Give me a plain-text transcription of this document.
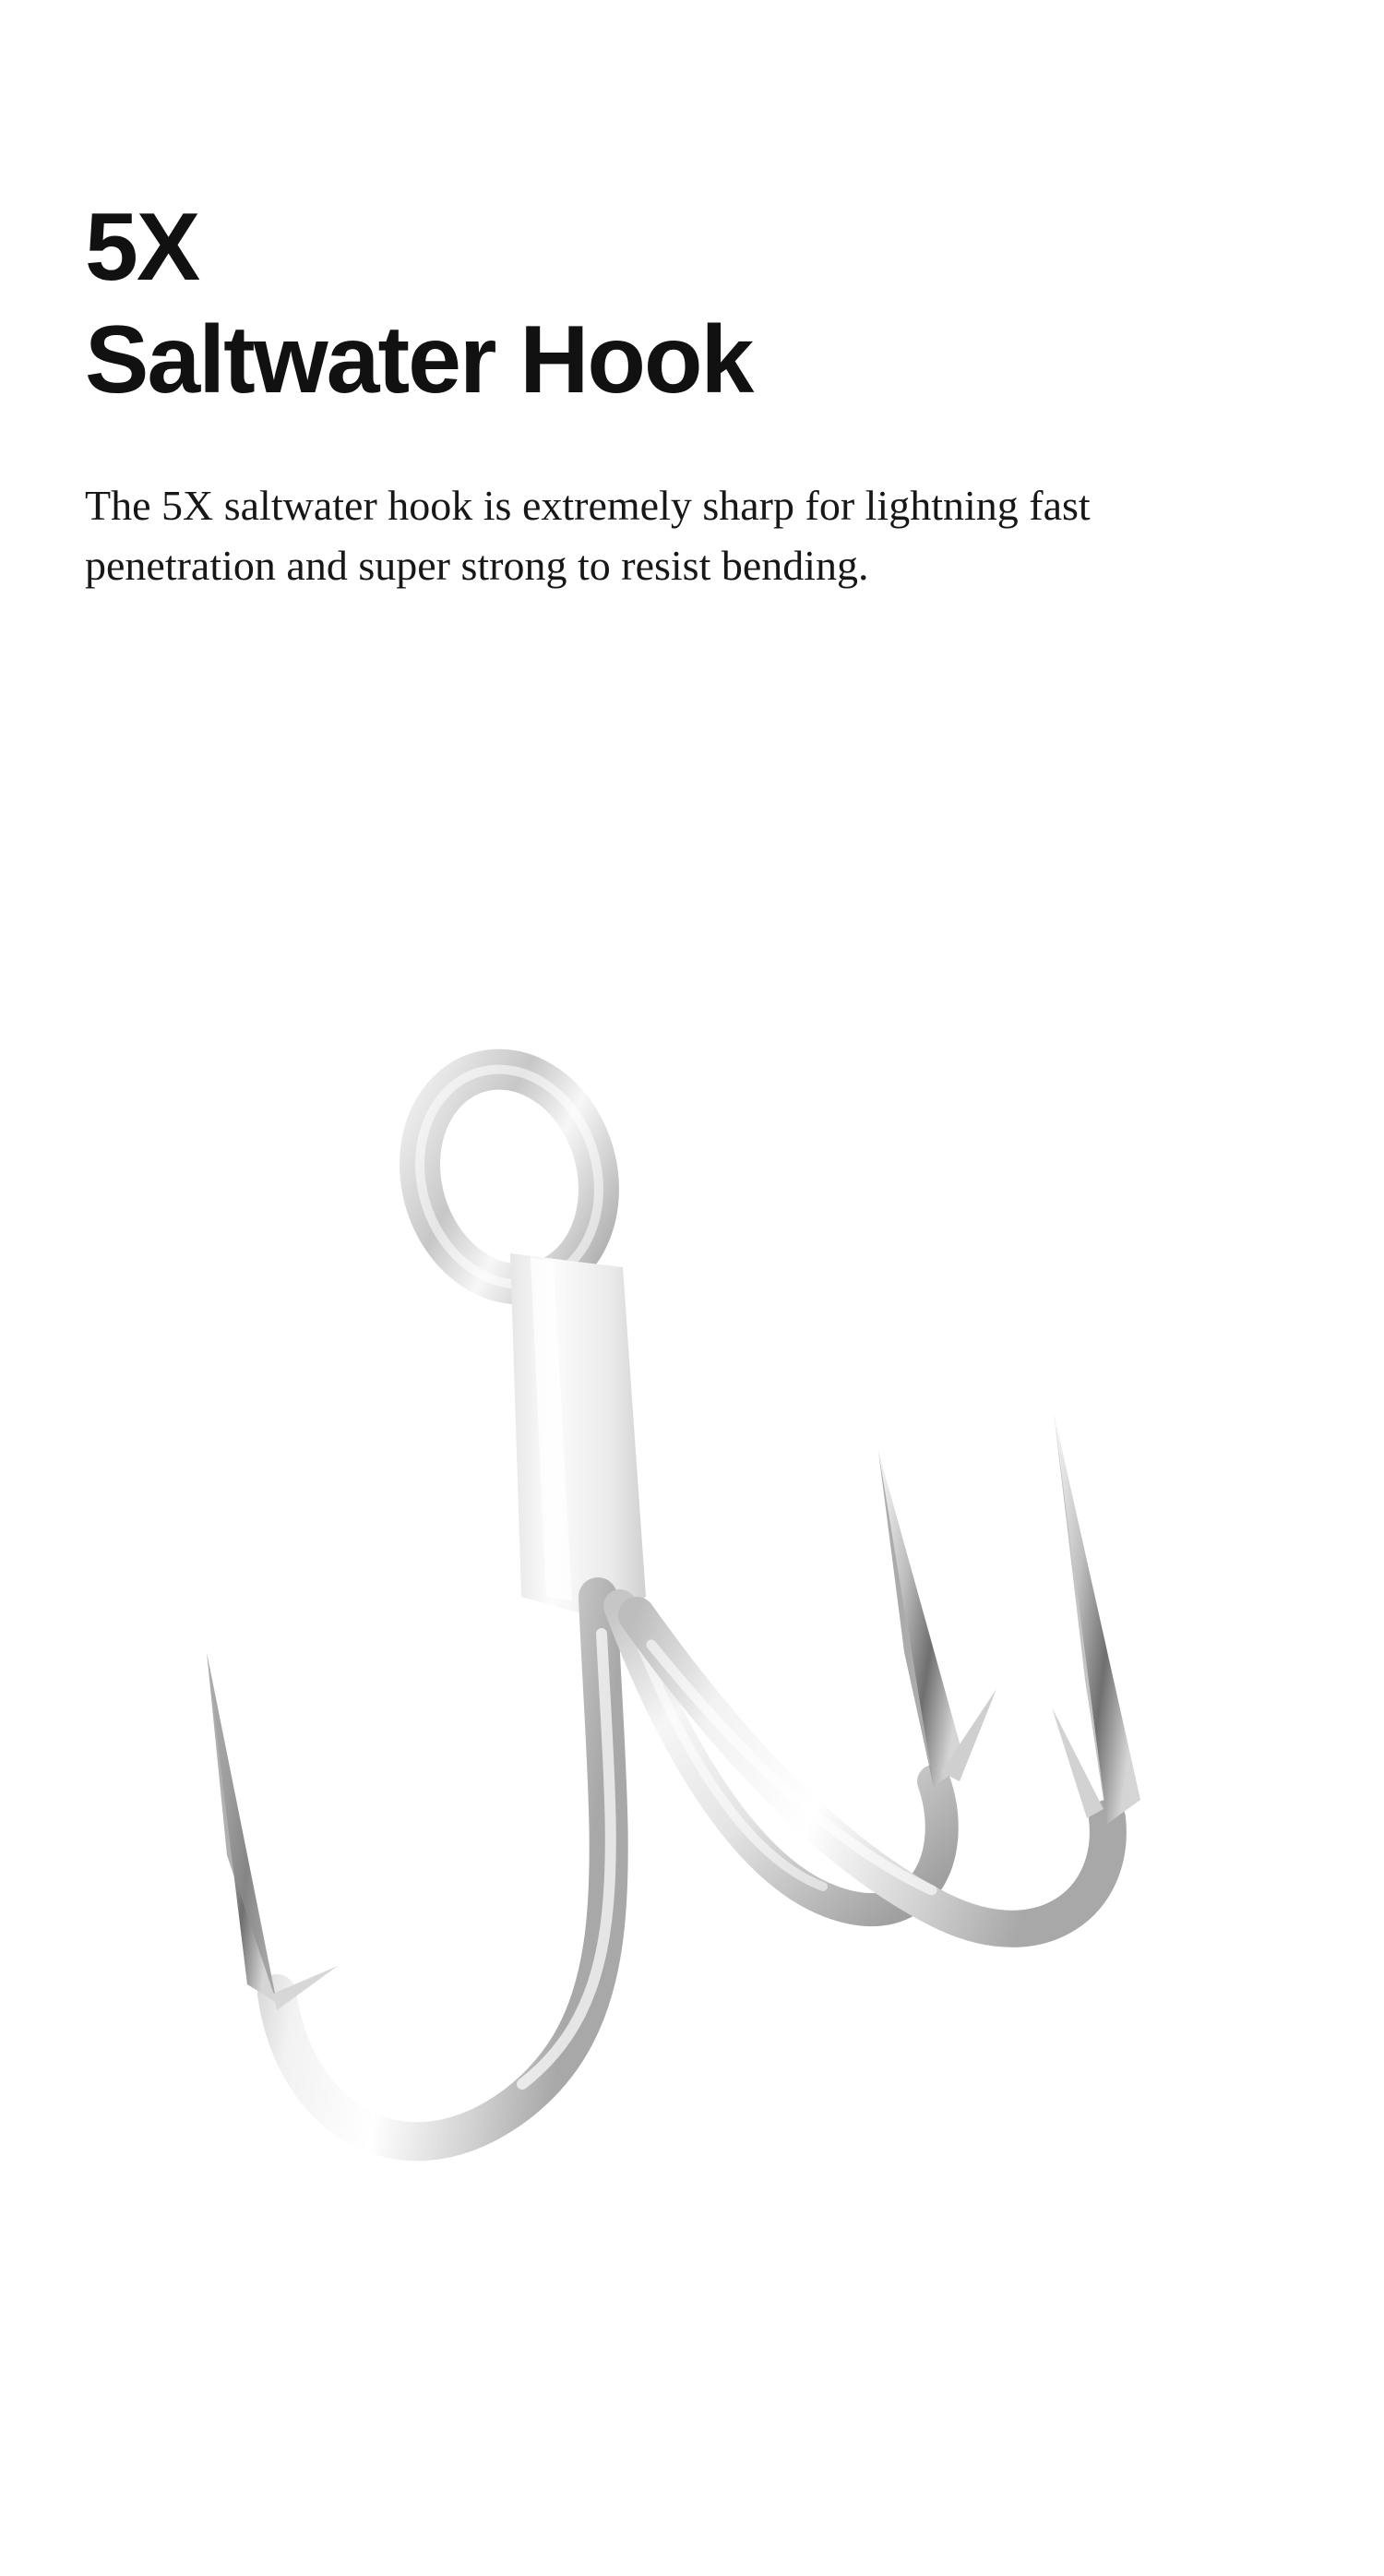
5X
Saltwater Hook

The 5X saltwater hook is extremely sharp for lightning fast penetration and super strong to resist bending.
